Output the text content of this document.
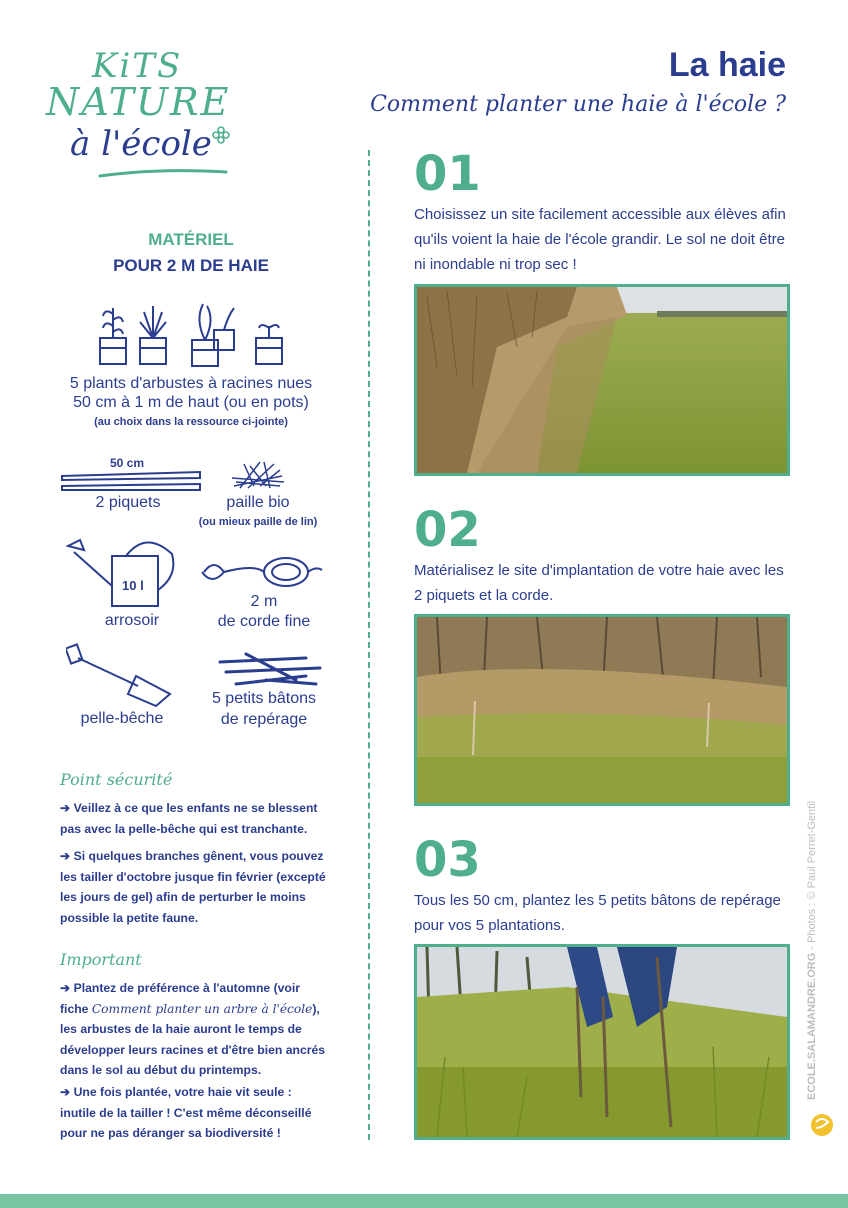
KiTS
NATURE
à l'école
La haie
Comment planter une haie à l'école ?
MATÉRIEL
POUR 2 M DE HAIE
5 plants d'arbustes à racines nues
50 cm à 1 m de haut (ou en pots)
(au choix dans la ressource ci-jointe)
50 cm
2 piquets	paille bio
(ou mieux paille de lin)
10 l
arrosoir
2 m
de corde fine
pelle-bêche
5 petits bâtons
de repérage
Point sécurité
➔ Veillez à ce que les enfants ne se blessent pas avec la pelle-bêche qui est tranchante.
➔ Si quelques branches gênent, vous pouvez les tailler d'octobre jusque fin février (excepté les jours de gel) afin de perturber le moins possible la petite faune.
Important
➔ Plantez de préférence à l'automne (voir fiche Comment planter un arbre à l'école), les arbustes de la haie auront le temps de développer leurs racines et d'être bien ancrés dans le sol au début du printemps.
➔ Une fois plantée, votre haie vit seule : inutile de la tailler ! C'est même déconseillé pour ne pas déranger sa biodiversité !
01
Choisissez un site facilement accessible aux élèves afin qu'ils voient la haie de l'école grandir. Le sol ne doit être ni inondable ni trop sec !
02
Matérialisez le site d'implantation de votre haie avec les 2 piquets et la corde.
03
Tous les 50 cm, plantez les 5 petits bâtons de repérage pour vos 5 plantations.
ECOLE.SALAMANDRE.ORG - Photos : © Paul Perret-Gentil
